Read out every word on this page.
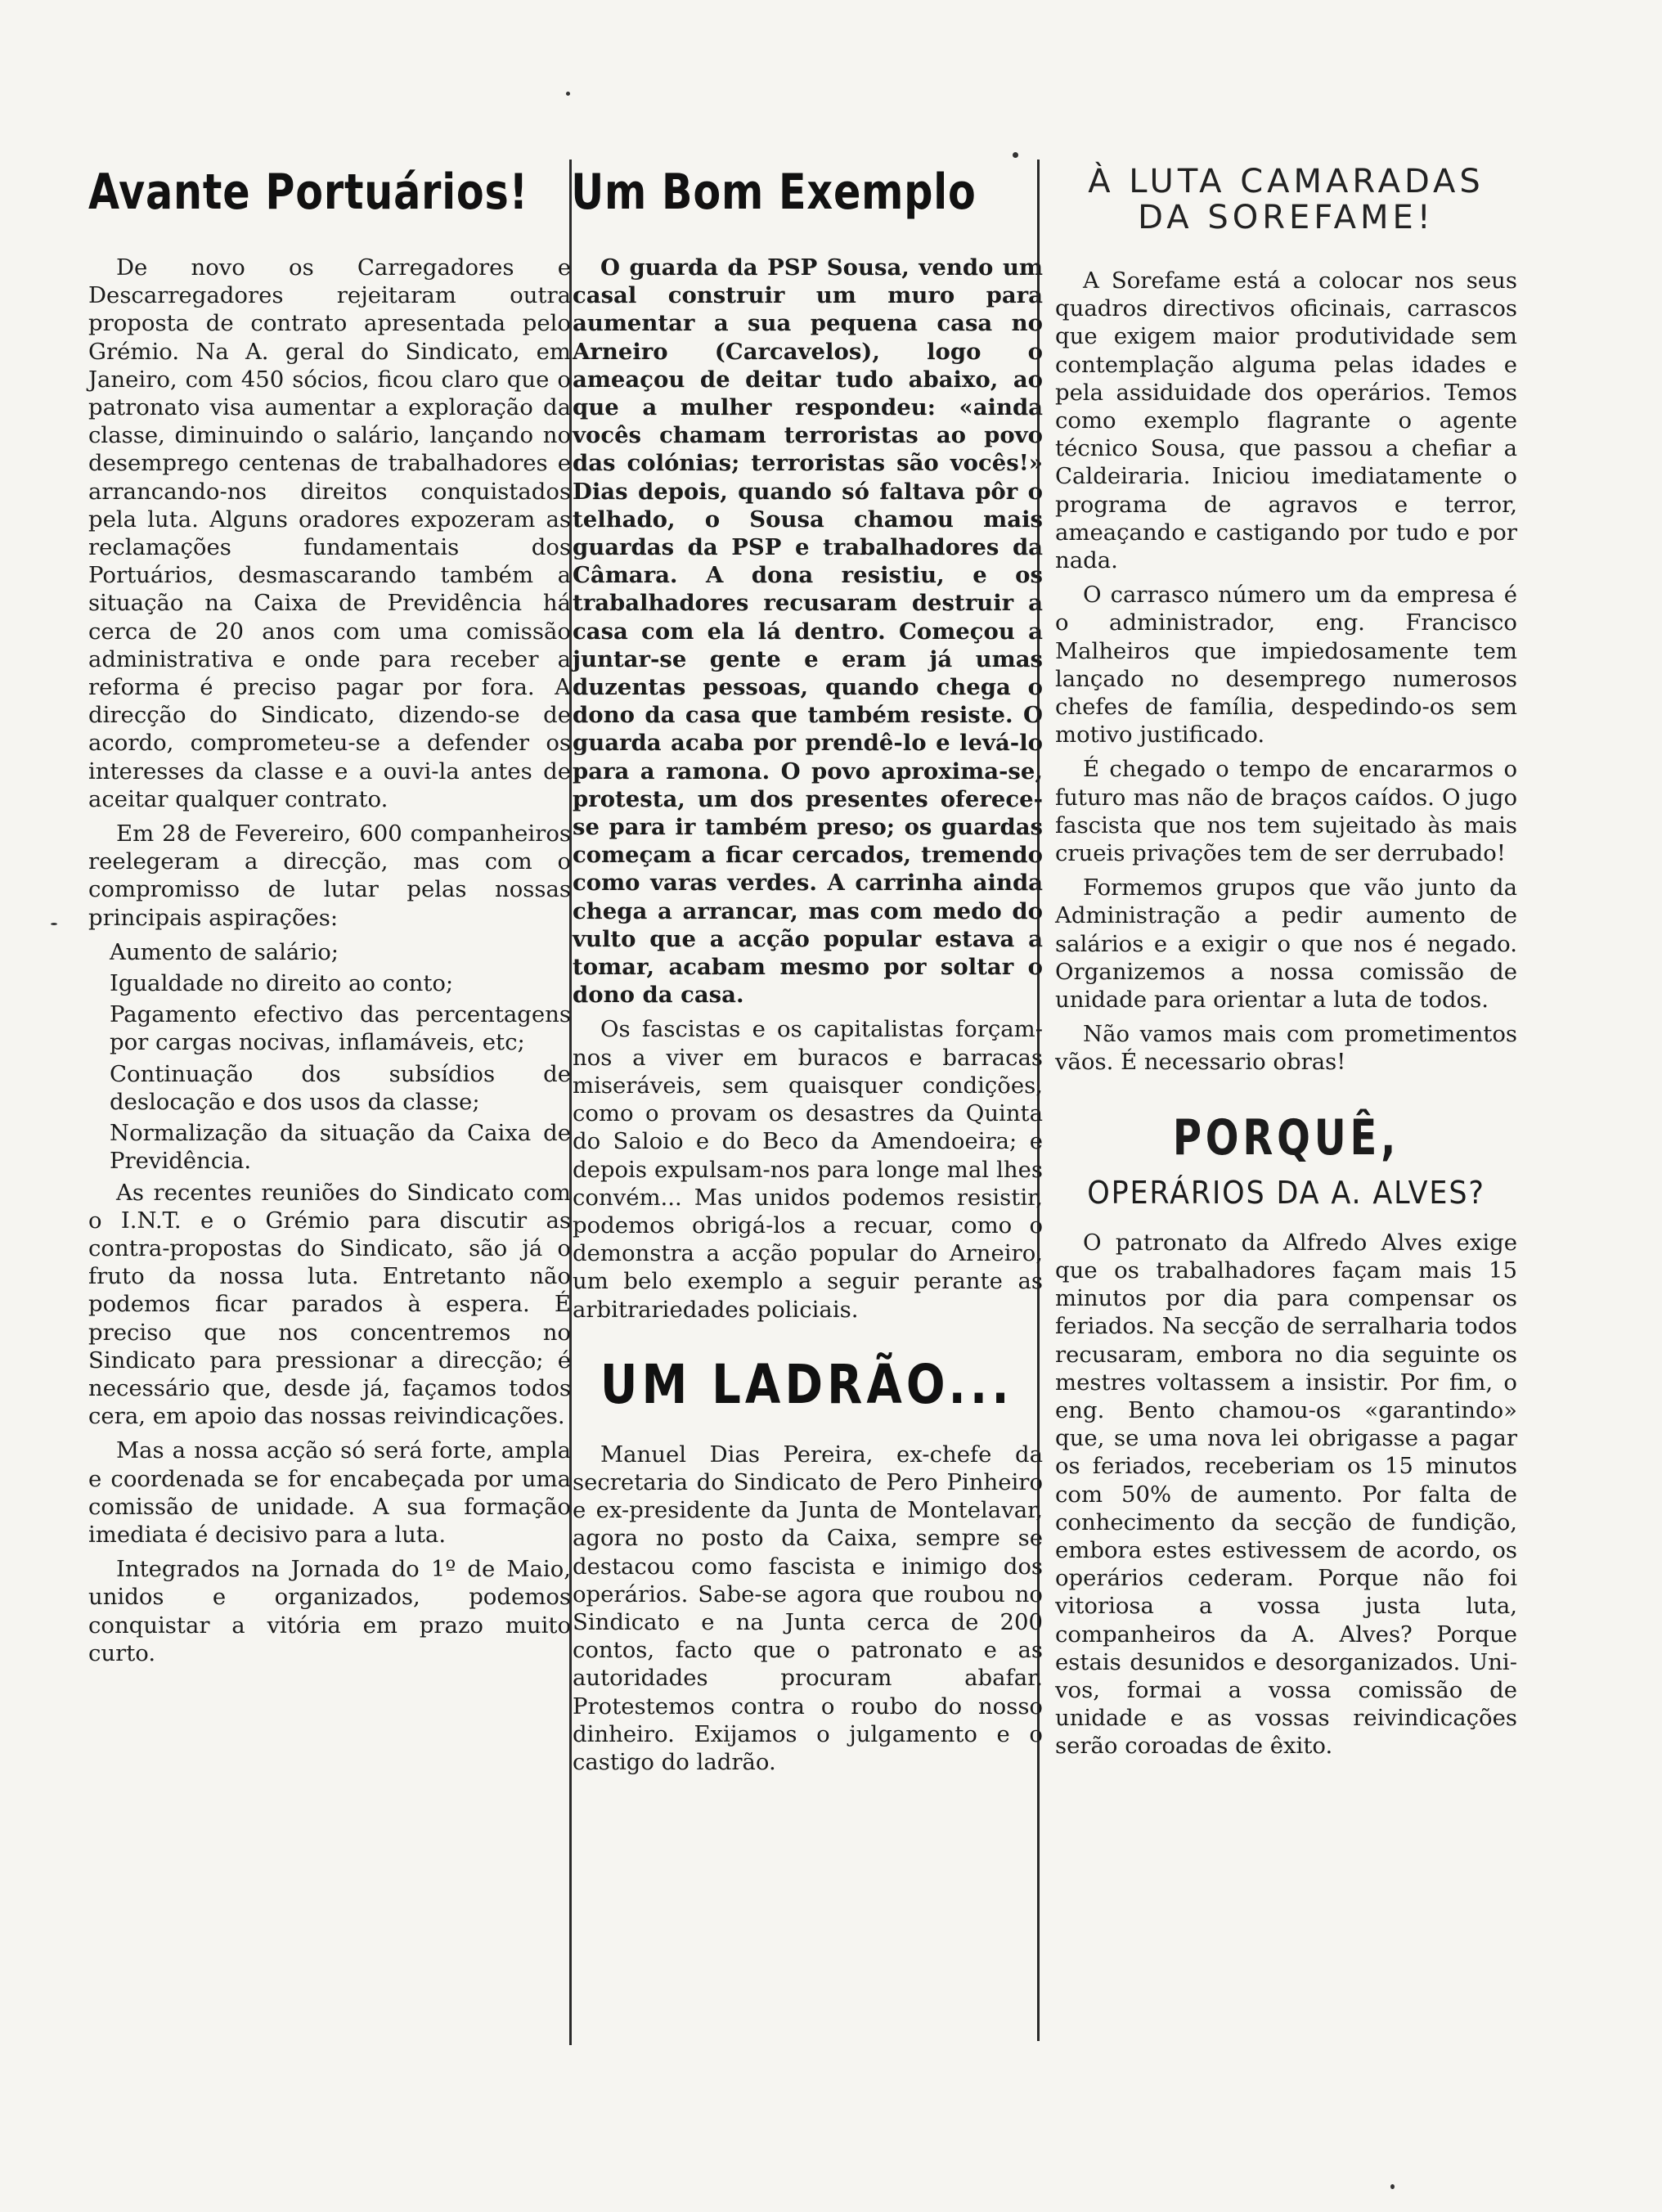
Avante Portuários!

De novo os Carregadores e Descarregadores rejeitaram outra proposta de contrato apresentada pelo Grémio. Na A. geral do Sindicato, em Janeiro, com 450 sócios, ficou claro que o patronato visa aumentar a exploração da classe, diminuindo o salário, lançando no desemprego centenas de trabalhadores e arrancando-nos direitos conquistados pela luta. Alguns oradores expozeram as reclamações fundamentais dos Portuários, desmascarando também a situação na Caixa de Previdência há cerca de 20 anos com uma comissão administrativa e onde para receber a reforma é preciso pagar por fora. A direcção do Sindicato, dizendo-se de acordo, comprometeu-se a defender os interesses da classe e a ouvi-la antes de aceitar qualquer contrato.

Em 28 de Fevereiro, 600 companheiros reelegeram a direcção, mas com o compromisso de lutar pelas nossas principais aspirações:

Aumento de salário;

Igualdade no direito ao conto;

Pagamento efectivo das percentagens por cargas nocivas, inflamáveis, etc;

Continuação dos subsídios de deslocação e dos usos da classe;

Normalização da situação da Caixa de Previdência.

As recentes reuniões do Sindicato com o I.N.T. e o Grémio para discutir as contra-propostas do Sindicato, são já o fruto da nossa luta. Entretanto não podemos ficar parados à espera. É preciso que nos concentremos no Sindicato para pressionar a direcção; é necessário que, desde já, façamos todos cera, em apoio das nossas reivindicações.

Mas a nossa acção só será forte, ampla e coordenada se for encabeçada por uma comissão de unidade. A sua formação imediata é decisivo para a luta.

Integrados na Jornada do 1º de Maio, unidos e organizados, podemos conquistar a vitória em prazo muito curto.

Um Bom Exemplo

O guarda da PSP Sousa, vendo um casal construir um muro para aumentar a sua pequena casa no Arneiro (Carcavelos), logo o ameaçou de deitar tudo abaixo, ao que a mulher respondeu: «ainda vocês chamam terroristas ao povo das colónias; terroristas são vocês!» Dias depois, quando só faltava pôr o telhado, o Sousa chamou mais guardas da PSP e trabalhadores da Câmara. A dona resistiu, e os trabalhadores recusaram destruir a casa com ela lá dentro. Começou a juntar-se gente e eram já umas duzentas pessoas, quando chega o dono da casa que também resiste. O guarda acaba por prendê-lo e levá-lo para a ramona. O povo aproxima-se, protesta, um dos presentes oferece-se para ir também preso; os guardas começam a ficar cercados, tremendo como varas verdes. A carrinha ainda chega a arrancar, mas com medo do vulto que a acção popular estava a tomar, acabam mesmo por soltar o dono da casa.

Os fascistas e os capitalistas forçam-nos a viver em buracos e barracas miseráveis, sem quaisquer condições, como o provam os desastres da Quinta do Saloio e do Beco da Amendoeira; e depois expulsam-nos para longe mal lhes convém... Mas unidos podemos resistir, podemos obrigá-los a recuar, como o demonstra a acção popular do Arneiro, um belo exemplo a seguir perante as arbitrariedades policiais.

UM LADRÃO...

Manuel Dias Pereira, ex-chefe da secretaria do Sindicato de Pero Pinheiro e ex-presidente da Junta de Montelavar, agora no posto da Caixa, sempre se destacou como fascista e inimigo dos operários. Sabe-se agora que roubou no Sindicato e na Junta cerca de 200 contos, facto que o patronato e as autoridades procuram abafar. Protestemos contra o roubo do nosso dinheiro. Exijamos o julgamento e o castigo do ladrão.

À LUTA CAMARADAS
DA SOREFAME!

A Sorefame está a colocar nos seus quadros directivos oficinais, carrascos que exigem maior produtividade sem contemplação alguma pelas idades e pela assiduidade dos operários. Temos como exemplo flagrante o agente técnico Sousa, que passou a chefiar a Caldeiraria. Iniciou imediatamente o programa de agravos e terror, ameaçando e castigando por tudo e por nada.

O carrasco número um da empresa é o administrador, eng. Francisco Malheiros que impiedosamente tem lançado no desemprego numerosos chefes de família, despedindo-os sem motivo justificado.

É chegado o tempo de encararmos o futuro mas não de braços caídos. O jugo fascista que nos tem sujeitado às mais crueis privações tem de ser derrubado!

Formemos grupos que vão junto da Administração a pedir aumento de salários e a exigir o que nos é negado. Organizemos a nossa comissão de unidade para orientar a luta de todos.

Não vamos mais com prometimentos vãos. É necessario obras!

PORQUÊ,
OPERÁRIOS DA A. ALVES?

O patronato da Alfredo Alves exige que os trabalhadores façam mais 15 minutos por dia para compensar os feriados. Na secção de serralharia todos recusaram, embora no dia seguinte os mestres voltassem a insistir. Por fim, o eng. Bento chamou-os «garantindo» que, se uma nova lei obrigasse a pagar os feriados, receberiam os 15 minutos com 50% de aumento. Por falta de conhecimento da secção de fundição, embora estes estivessem de acordo, os operários cederam. Porque não foi vitoriosa a vossa justa luta, companheiros da A. Alves? Porque estais desunidos e desorganizados. Uni-vos, formai a vossa comissão de unidade e as vossas reivindicações serão coroadas de êxito.
